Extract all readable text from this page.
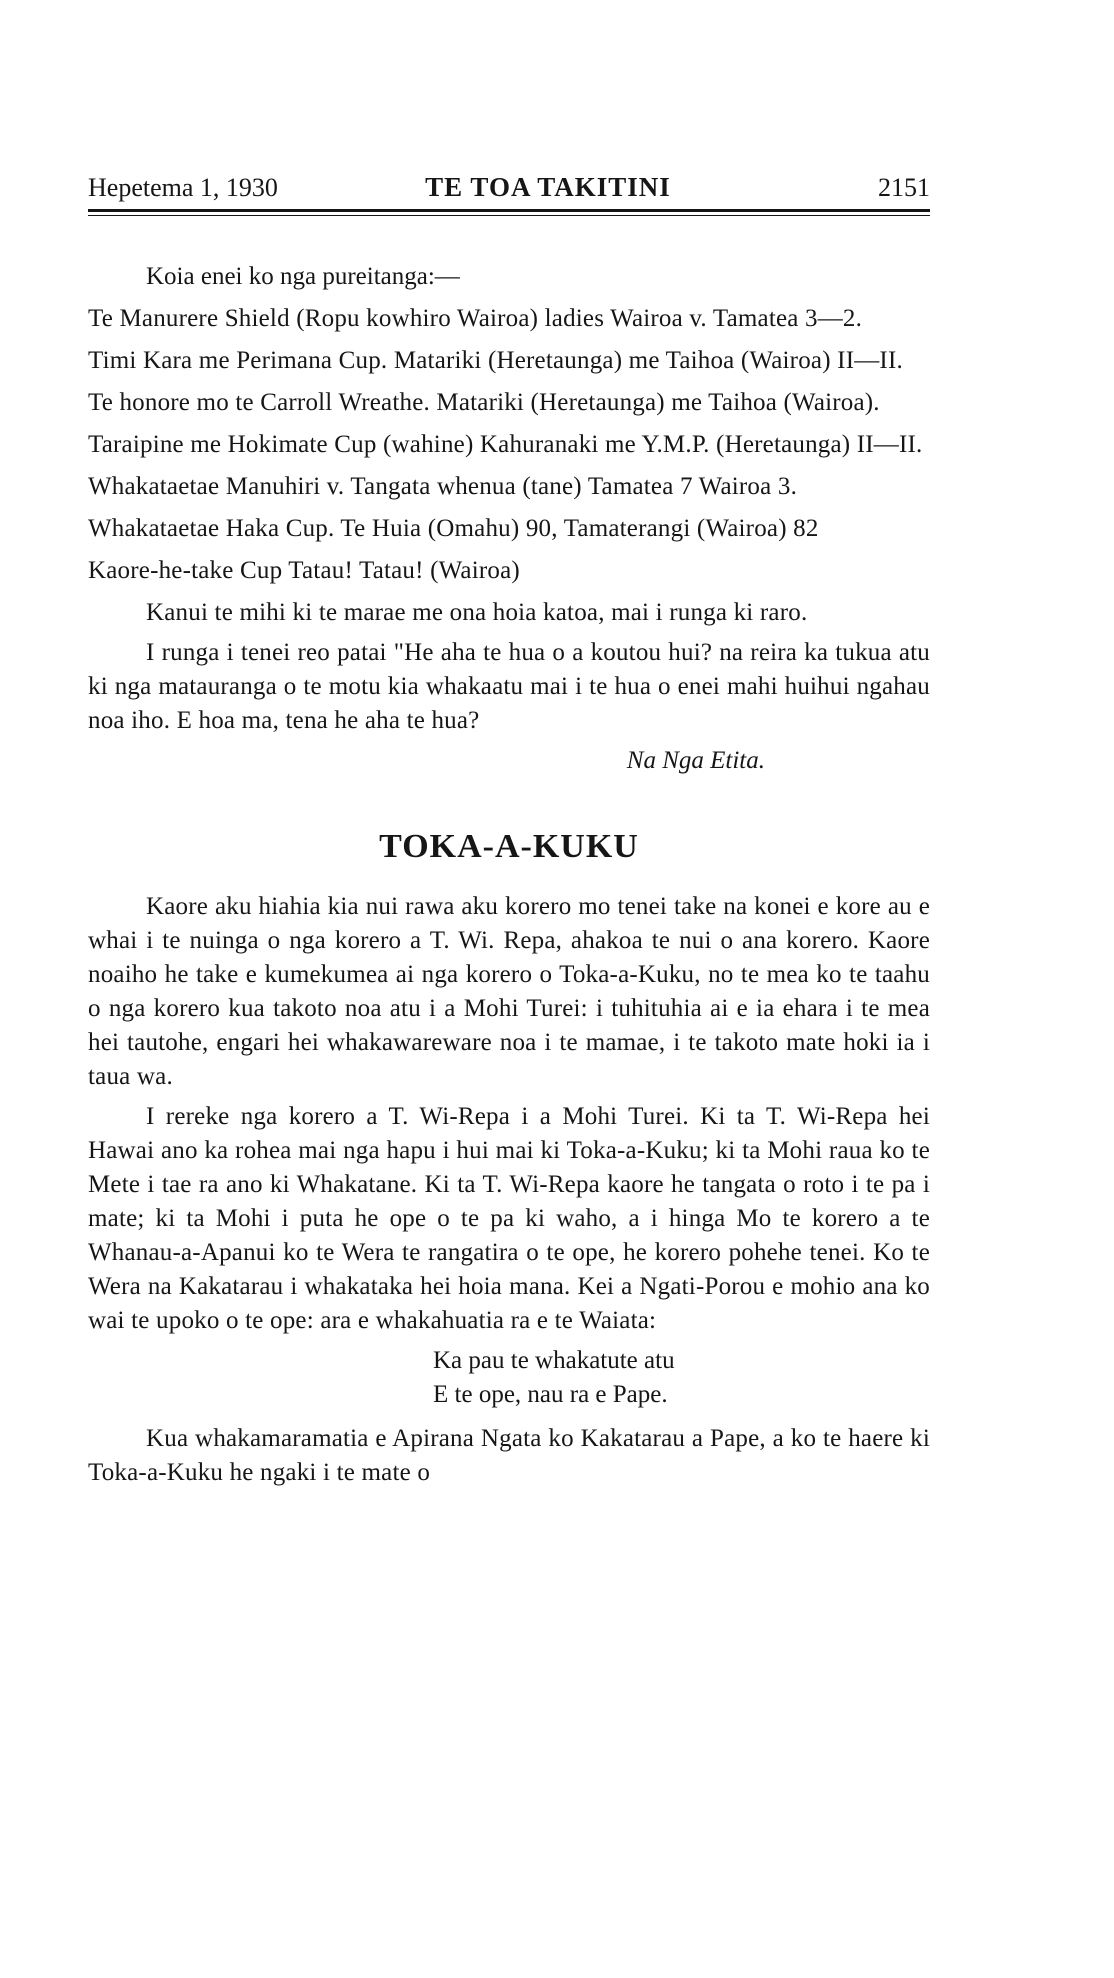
Hepetema 1, 1930	TE TOA TAKITINI	2151
Koia enei ko nga pureitanga:—
Te Manurere Shield (Ropu kowhiro Wairoa) ladies Wairoa v. Tamatea 3—2.
Timi Kara me Perimana Cup. Matariki (Heretaunga) me Taihoa (Wairoa) II—II.
Te honore mo te Carroll Wreathe. Matariki (Heretaunga) me Taihoa (Wairoa).
Taraipine me Hokimate Cup (wahine) Kahuranaki me Y.M.P. (Heretaunga) II—II.
Whakataetae Manuhiri v. Tangata whenua (tane) Tamatea 7 Wairoa 3.
Whakataetae Haka Cup. Te Huia (Omahu) 90, Tamaterangi (Wairoa) 82
Kaore-he-take Cup Tatau! Tatau! (Wairoa)

Kanui te mihi ki te marae me ona hoia katoa, mai i runga ki raro.

I runga i tenei reo patai "He aha te hua o a koutou hui? na reira ka tukua atu ki nga matauranga o te motu kia whakaatu mai i te hua o enei mahi huihui ngahau noa iho. E hoa ma, tena he aha te hua?

Na Nga Etita.
TOKA-A-KUKU

Kaore aku hiahia kia nui rawa aku korero mo tenei take na konei e kore au e whai i te nuinga o nga korero a T. Wi. Repa, ahakoa te nui o ana korero. Kaore noaiho he take e kumekumea ai nga korero o Toka-a-Kuku, no te mea ko te taahu o nga korero kua takoto noa atu i a Mohi Turei: i tuhituhia ai e ia ehara i te mea hei tautohe, engari hei whakawareware noa i te mamae, i te takoto mate hoki ia i taua wa.

I rereke nga korero a T. Wi-Repa i a Mohi Turei. Ki ta T. Wi-Repa hei Hawai ano ka rohea mai nga hapu i hui mai ki Toka-a-Kuku; ki ta Mohi raua ko te Mete i tae ra ano ki Whakatane. Ki ta T. Wi-Repa kaore he tangata o roto i te pa i mate; ki ta Mohi i puta he ope o te pa ki waho, a i hinga Mo te korero a te Whanau-a-Apanui ko te Wera te rangatira o te ope, he korero pohehe tenei. Ko te Wera na Kakatarau i whakataka hei hoia mana. Kei a Ngati-Porou e mohio ana ko wai te upoko o te ope: ara e whakahuatia ra e te Waiata:

Ka pau te whakatute atu
E te ope, nau ra e Pape.

Kua whakamaramatia e Apirana Ngata ko Kakatarau a Pape, a ko te haere ki Toka-a-Kuku he ngaki i te mate o
